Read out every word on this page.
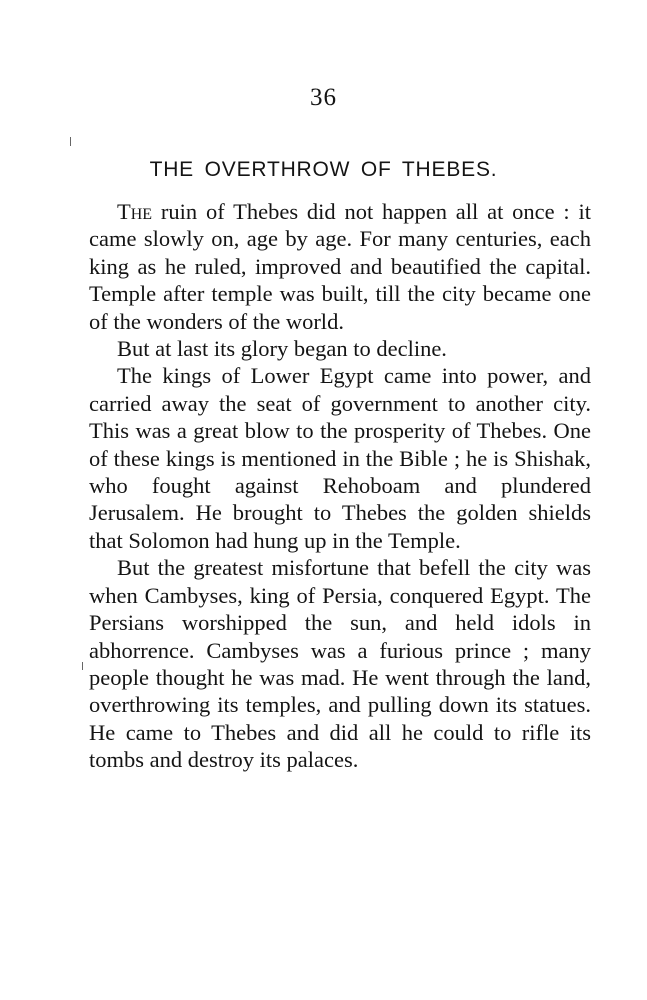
36
THE OVERTHROW OF THEBES.

The ruin of Thebes did not happen all at once : it came slowly on, age by age. For many centuries, each king as he ruled, improved and beautified the capital. Temple after temple was built, till the city became one of the wonders of the world.

But at last its glory began to decline.

The kings of Lower Egypt came into power, and carried away the seat of government to another city. This was a great blow to the prosperity of Thebes. One of these kings is mentioned in the Bible ; he is Shishak, who fought against Rehoboam and plundered Jerusalem. He brought to Thebes the golden shields that Solomon had hung up in the Temple.

But the greatest misfortune that befell the city was when Cambyses, king of Persia, conquered Egypt. The Persians worshipped the sun, and held idols in abhorrence. Cambyses was a furious prince ; many people thought he was mad. He went through the land, overthrowing its temples, and pulling down its statues. He came to Thebes and did all he could to rifle its tombs and destroy its palaces.
